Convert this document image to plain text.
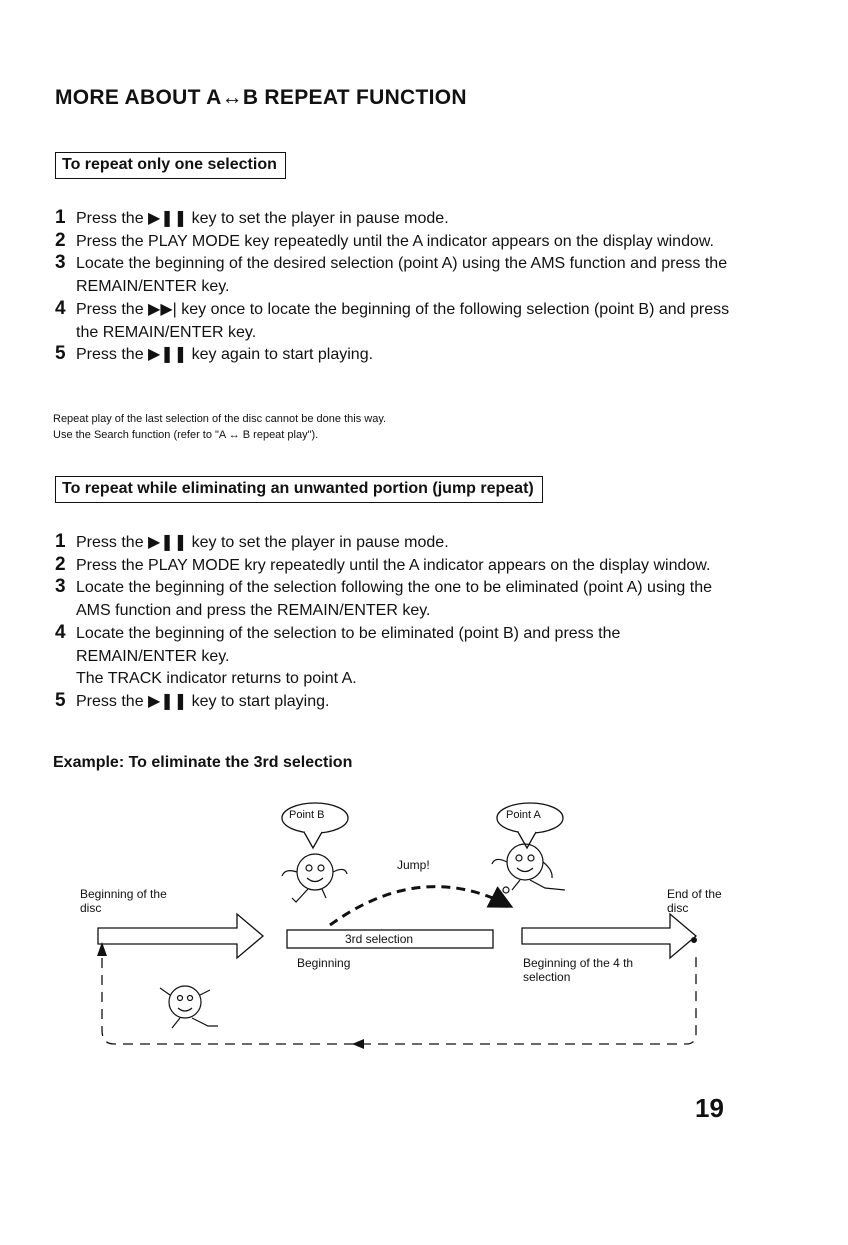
MORE ABOUT A↔B REPEAT FUNCTION
To repeat only one selection
1 Press the ▶❚❚ key to set the player in pause mode.
2 Press the PLAY MODE key repeatedly until the A indicator appears on the display window.
3 Locate the beginning of the desired selection (point A) using the AMS function and press the REMAIN/ENTER key.
4 Press the ▶▶| key once to locate the beginning of the following selection (point B) and press the REMAIN/ENTER key.
5 Press the ▶❚❚ key again to start playing.
Repeat play of the last selection of the disc cannot be done this way.
Use the Search function (refer to "A ↔ B repeat play").
To repeat while eliminating an unwanted portion (jump repeat)
1 Press the ▶❚❚ key to set the player in pause mode.
2 Press the PLAY MODE kry repeatedly until the A indicator appears on the display window.
3 Locate the beginning of the selection following the one to be eliminated (point A) using the AMS function and press the REMAIN/ENTER key.
4 Locate the beginning of the selection to be eliminated (point B) and press the REMAIN/ENTER key.
The TRACK indicator returns to point A.
5 Press the ▶❚❚ key to start playing.
Example: To eliminate the 3rd selection
Point B	Point A
Jump!
Beginning of the disc
End of the disc
3rd selection
Beginning	Beginning of the 4 th selection
19
